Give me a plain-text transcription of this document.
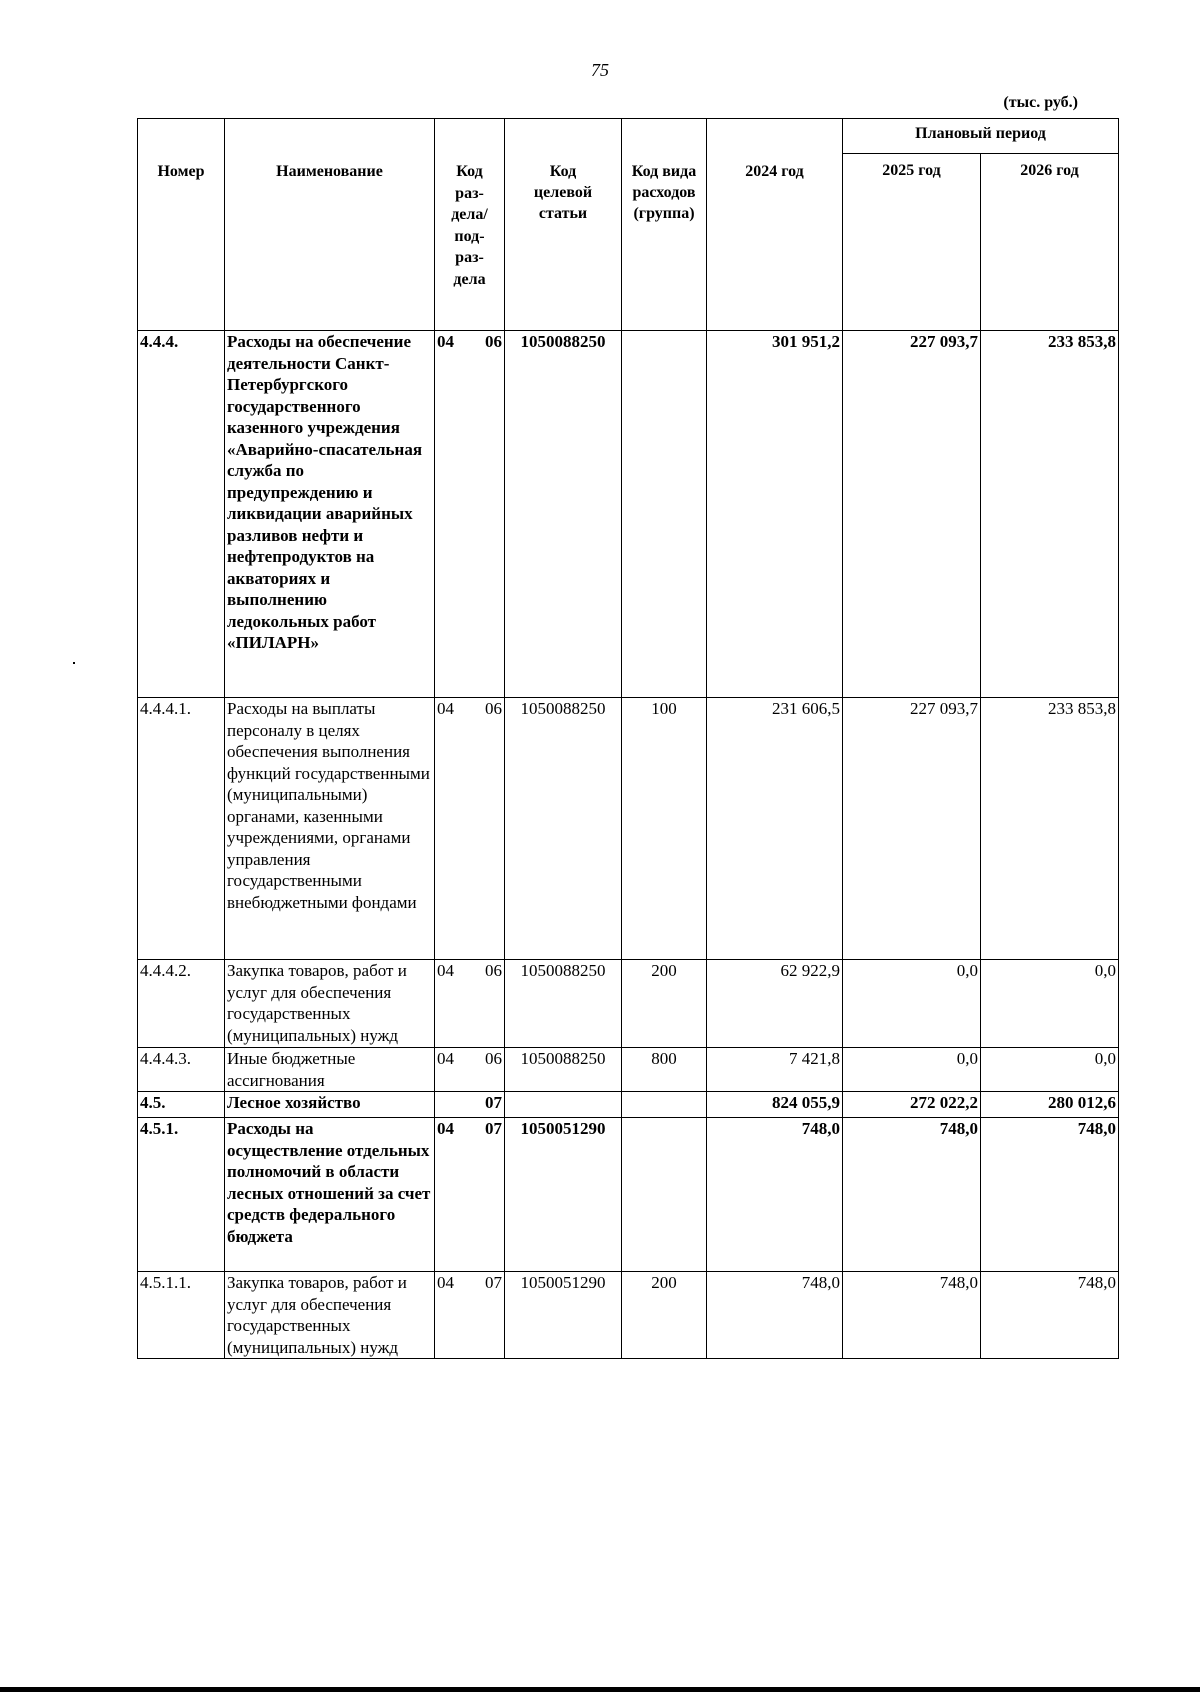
75
(тыс. руб.)
Номер	Наименование	Код раз-дела/ под-раз-дела	Код целевой статьи	Код вида расходов (группа)	2024 год	Плановый период	
						2025 год	2026 год
4.4.4.	Расходы на обеспечение деятельности Санкт-Петербургского государственного казенного учреждения «Аварийно-спасательная служба по предупреждению и ликвидации аварийных разливов нефти и нефтепродуктов на акваториях и выполнению ледокольных работ «ПИЛАРН»	04 06	1050088250		301 951,2	227 093,7	233 853,8
4.4.4.1.	Расходы на выплаты персоналу в целях обеспечения выполнения функций государственными (муниципальными) органами, казенными учреждениями, органами управления государственными внебюджетными фондами	04 06	1050088250	100	231 606,5	227 093,7	233 853,8
4.4.4.2.	Закупка товаров, работ и услуг для обеспечения государственных (муниципальных) нужд	04 06	1050088250	200	62 922,9	0,0	0,0
4.4.4.3.	Иные бюджетные ассигнования	04 06	1050088250	800	7 421,8	0,0	0,0
4.5.	Лесное хозяйство	07			824 055,9	272 022,2	280 012,6
4.5.1.	Расходы на осуществление отдельных полномочий в области лесных отношений за счет средств федерального бюджета	04 07	1050051290		748,0	748,0	748,0
4.5.1.1.	Закупка товаров, работ и услуг для обеспечения государственных (муниципальных) нужд	04 07	1050051290	200	748,0	748,0	748,0
